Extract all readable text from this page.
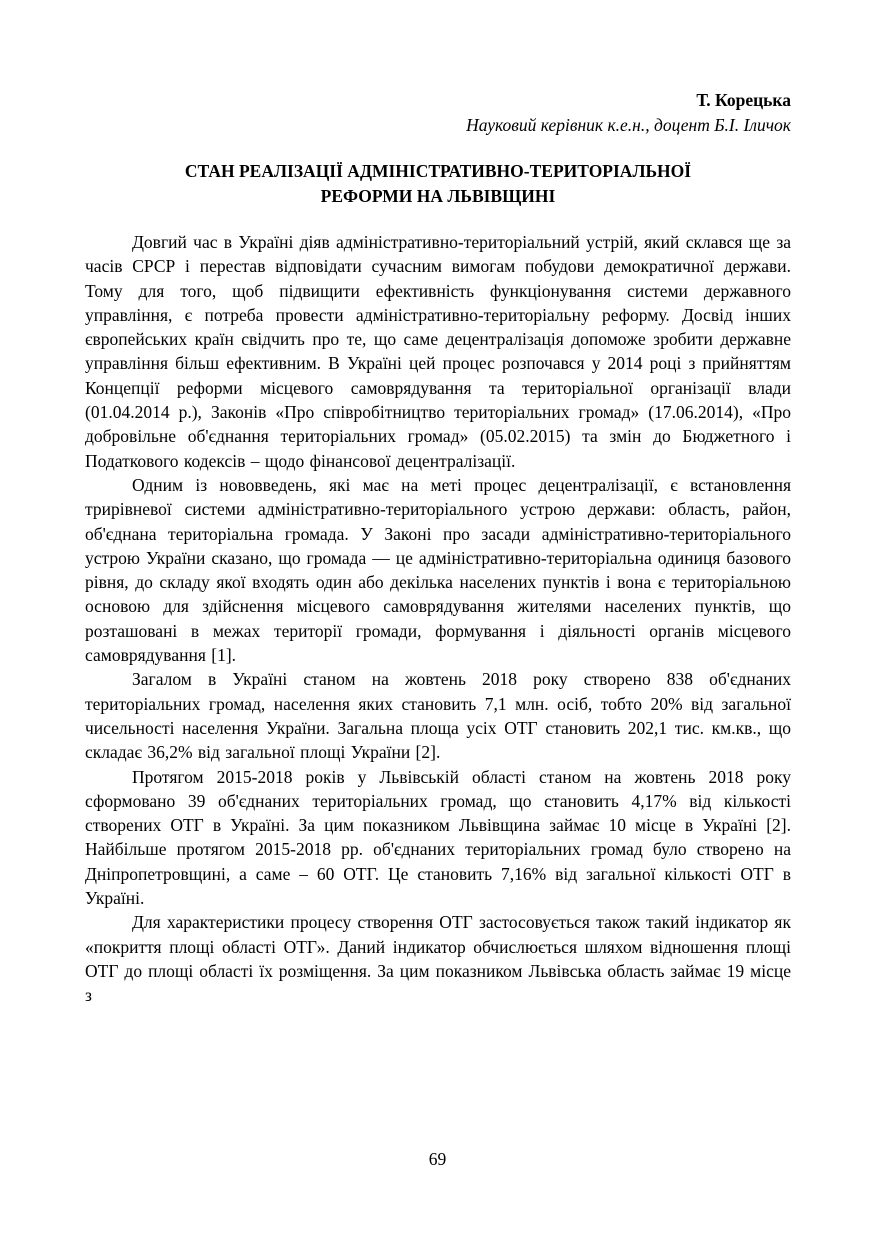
Т. Корецька
Науковий керівник к.е.н., доцент Б.І. Іличок
СТАН РЕАЛІЗАЦІЇ АДМІНІСТРАТИВНО-ТЕРИТОРІАЛЬНОЇ
РЕФОРМИ НА ЛЬВІВЩИНІ

Довгий час в Україні діяв адміністративно-територіальний устрій, який склався ще за часів СРСР і перестав відповідати сучасним вимогам побудови демократичної держави. Тому для того, щоб підвищити ефективність функціонування системи державного управління, є потреба провести адміністративно-територіальну реформу. Досвід інших європейських країн свідчить про те, що саме децентралізація допоможе зробити державне управління більш ефективним. В Україні цей процес розпочався у 2014 році з прийняттям Концепції реформи місцевого самоврядування та територіальної організації влади (01.04.2014 р.), Законів «Про співробітництво територіальних громад» (17.06.2014), «Про добровільне об'єднання територіальних громад» (05.02.2015) та змін до Бюджетного і Податкового кодексів – щодо фінансової децентралізації.

Одним із нововведень, які має на меті процес децентралізації, є встановлення трирівневої системи адміністративно-територіального устрою держави: область, район, об'єднана територіальна громада. У Законі про засади адміністративно-територіального устрою України сказано, що громада — це адміністративно-територіальна одиниця базового рівня, до складу якої входять один або декілька населених пунктів і вона є територіальною основою для здійснення місцевого самоврядування жителями населених пунктів, що розташовані в межах території громади, формування і діяльності органів місцевого самоврядування [1].

Загалом в Україні станом на жовтень 2018 року створено 838 об'єднаних територіальних громад, населення яких становить 7,1 млн. осіб, тобто 20% від загальної чисельності населення України. Загальна площа усіх ОТГ становить 202,1 тис. км.кв., що складає 36,2% від загальної площі України [2].

Протягом 2015-2018 років у Львівській області станом на жовтень 2018 року сформовано 39 об'єднаних територіальних громад, що становить 4,17% від кількості створених ОТГ в Україні. За цим показником Львівщина займає 10 місце в Україні [2]. Найбільше протягом 2015-2018 рр. об'єднаних територіальних громад було створено на Дніпропетровщині, а саме – 60 ОТГ. Це становить 7,16% від загальної кількості ОТГ в Україні.

Для характеристики процесу створення ОТГ застосовується також такий індикатор як «покриття площі області ОТГ». Даний індикатор обчислюється шляхом відношення площі ОТГ до площі області їх розміщення. За цим показником Львівська область займає 19 місце з

69
